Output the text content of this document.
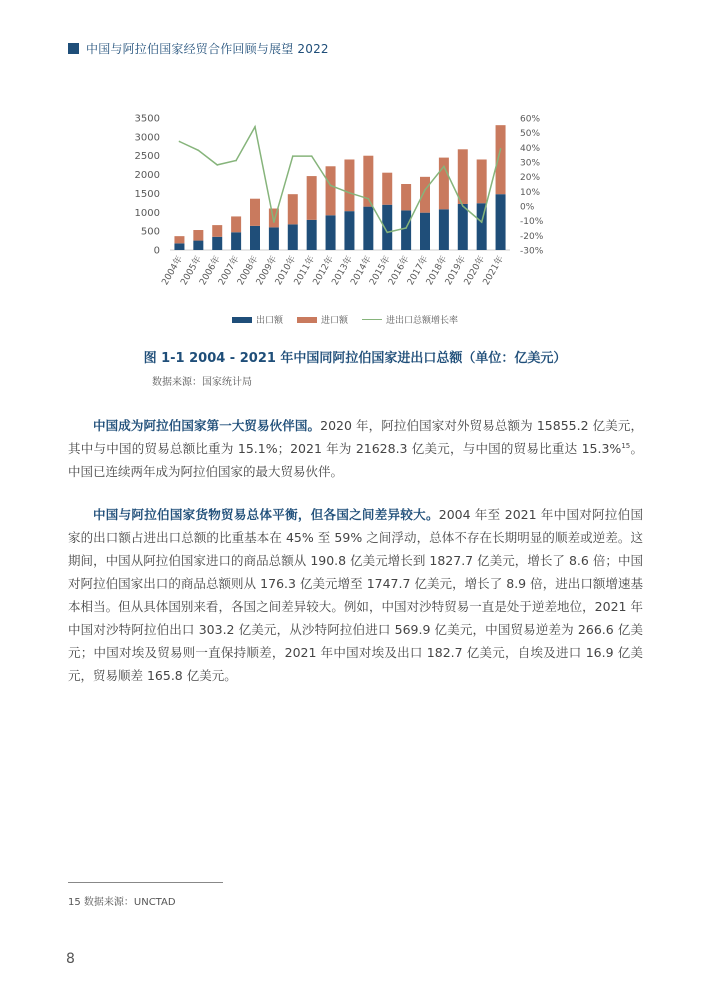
中国与阿拉伯国家经贸合作回顾与展望 2022
0
500
1000
1500
2000
2500
3000
3500
-30%
-20%
-10%
0%
10%
20%
30%
40%
50%
60%
2004年
2005年
2006年
2007年
2008年
2009年
2010年
2011年
2012年
2013年
2014年
2015年
2016年
2017年
2018年
2019年
2020年
2021年
出口额	进口额	进出口总额增长率
图 1-1 2004 - 2021 年中国同阿拉伯国家进出口总额（单位：亿美元）
数据来源：国家统计局
中国成为阿拉伯国家第一大贸易伙伴国。2020 年，阿拉伯国家对外贸易总额为 15855.2 亿美元，其中与中国的贸易总额比重为 15.1%；2021 年为 21628.3 亿美元，与中国的贸易比重达 15.3%$^{15}$。中国已连续两年成为阿拉伯国家的最大贸易伙伴。
中国与阿拉伯国家货物贸易总体平衡，但各国之间差异较大。2004 年至 2021 年中国对阿拉伯国家的出口额占进出口总额的比重基本在 45% 至 59% 之间浮动，总体不存在长期明显的顺差或逆差。这期间，中国从阿拉伯国家进口的商品总额从 190.8 亿美元增长到 1827.7 亿美元，增长了 8.6 倍；中国对阿拉伯国家出口的商品总额则从 176.3 亿美元增至 1747.7 亿美元，增长了 8.9 倍，进出口额增速基本相当。但从具体国别来看，各国之间差异较大。例如，中国对沙特贸易一直是处于逆差地位，2021 年中国对沙特阿拉伯出口 303.2 亿美元，从沙特阿拉伯进口 569.9 亿美元，中国贸易逆差为 266.6 亿美元；中国对埃及贸易则一直保持顺差，2021 年中国对埃及出口 182.7 亿美元，自埃及进口 16.9 亿美元，贸易顺差 165.8 亿美元。
15 数据来源：UNCTAD
8
